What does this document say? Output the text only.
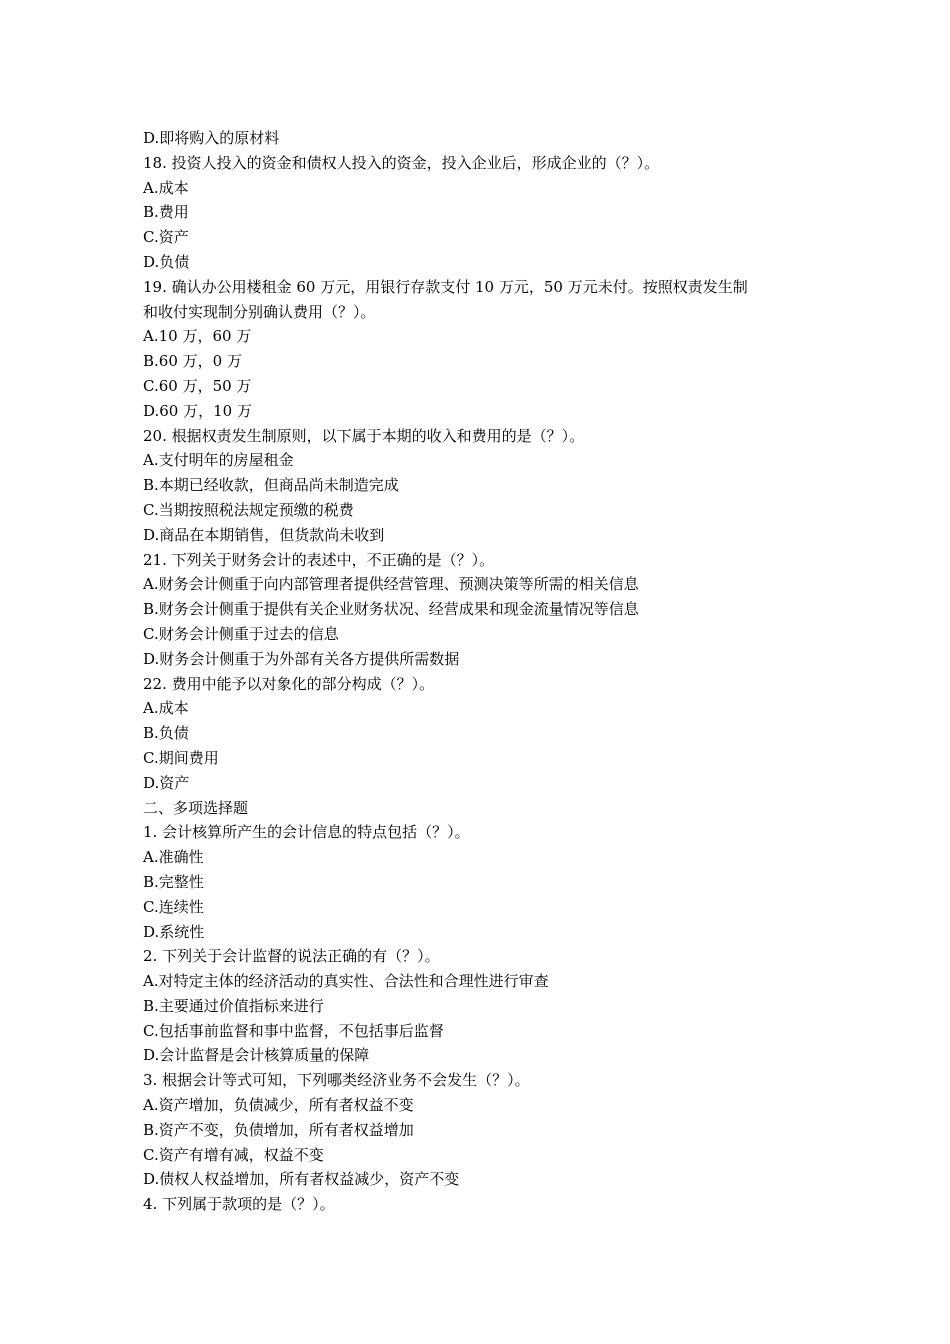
D.即将购入的原材料
18. 投资人投入的资金和债权人投入的资金，投入企业后，形成企业的（？）。
A.成本
B.费用
C.资产
D.负债
19. 确认办公用楼租金 60 万元，用银行存款支付 10 万元，50 万元未付。按照权责发生制
和收付实现制分别确认费用（？）。
A.10 万，60 万
B.60 万，0 万
C.60 万，50 万
D.60 万，10 万
20. 根据权责发生制原则，以下属于本期的收入和费用的是（？）。
A.支付明年的房屋租金
B.本期已经收款，但商品尚未制造完成
C.当期按照税法规定预缴的税费
D.商品在本期销售，但货款尚未收到
21. 下列关于财务会计的表述中，不正确的是（？）。
A.财务会计侧重于向内部管理者提供经营管理、预测决策等所需的相关信息
B.财务会计侧重于提供有关企业财务状况、经营成果和现金流量情况等信息
C.财务会计侧重于过去的信息
D.财务会计侧重于为外部有关各方提供所需数据
22. 费用中能予以对象化的部分构成（？）。
A.成本
B.负债
C.期间费用
D.资产
二、多项选择题
1. 会计核算所产生的会计信息的特点包括（？）。
A.准确性
B.完整性
C.连续性
D.系统性
2. 下列关于会计监督的说法正确的有（？）。
A.对特定主体的经济活动的真实性、合法性和合理性进行审查
B.主要通过价值指标来进行
C.包括事前监督和事中监督，不包括事后监督
D.会计监督是会计核算质量的保障
3. 根据会计等式可知，下列哪类经济业务不会发生（？）。
A.资产增加，负债减少，所有者权益不变
B.资产不变，负债增加，所有者权益增加
C.资产有增有减，权益不变
D.债权人权益增加，所有者权益减少，资产不变
4. 下列属于款项的是（？）。
